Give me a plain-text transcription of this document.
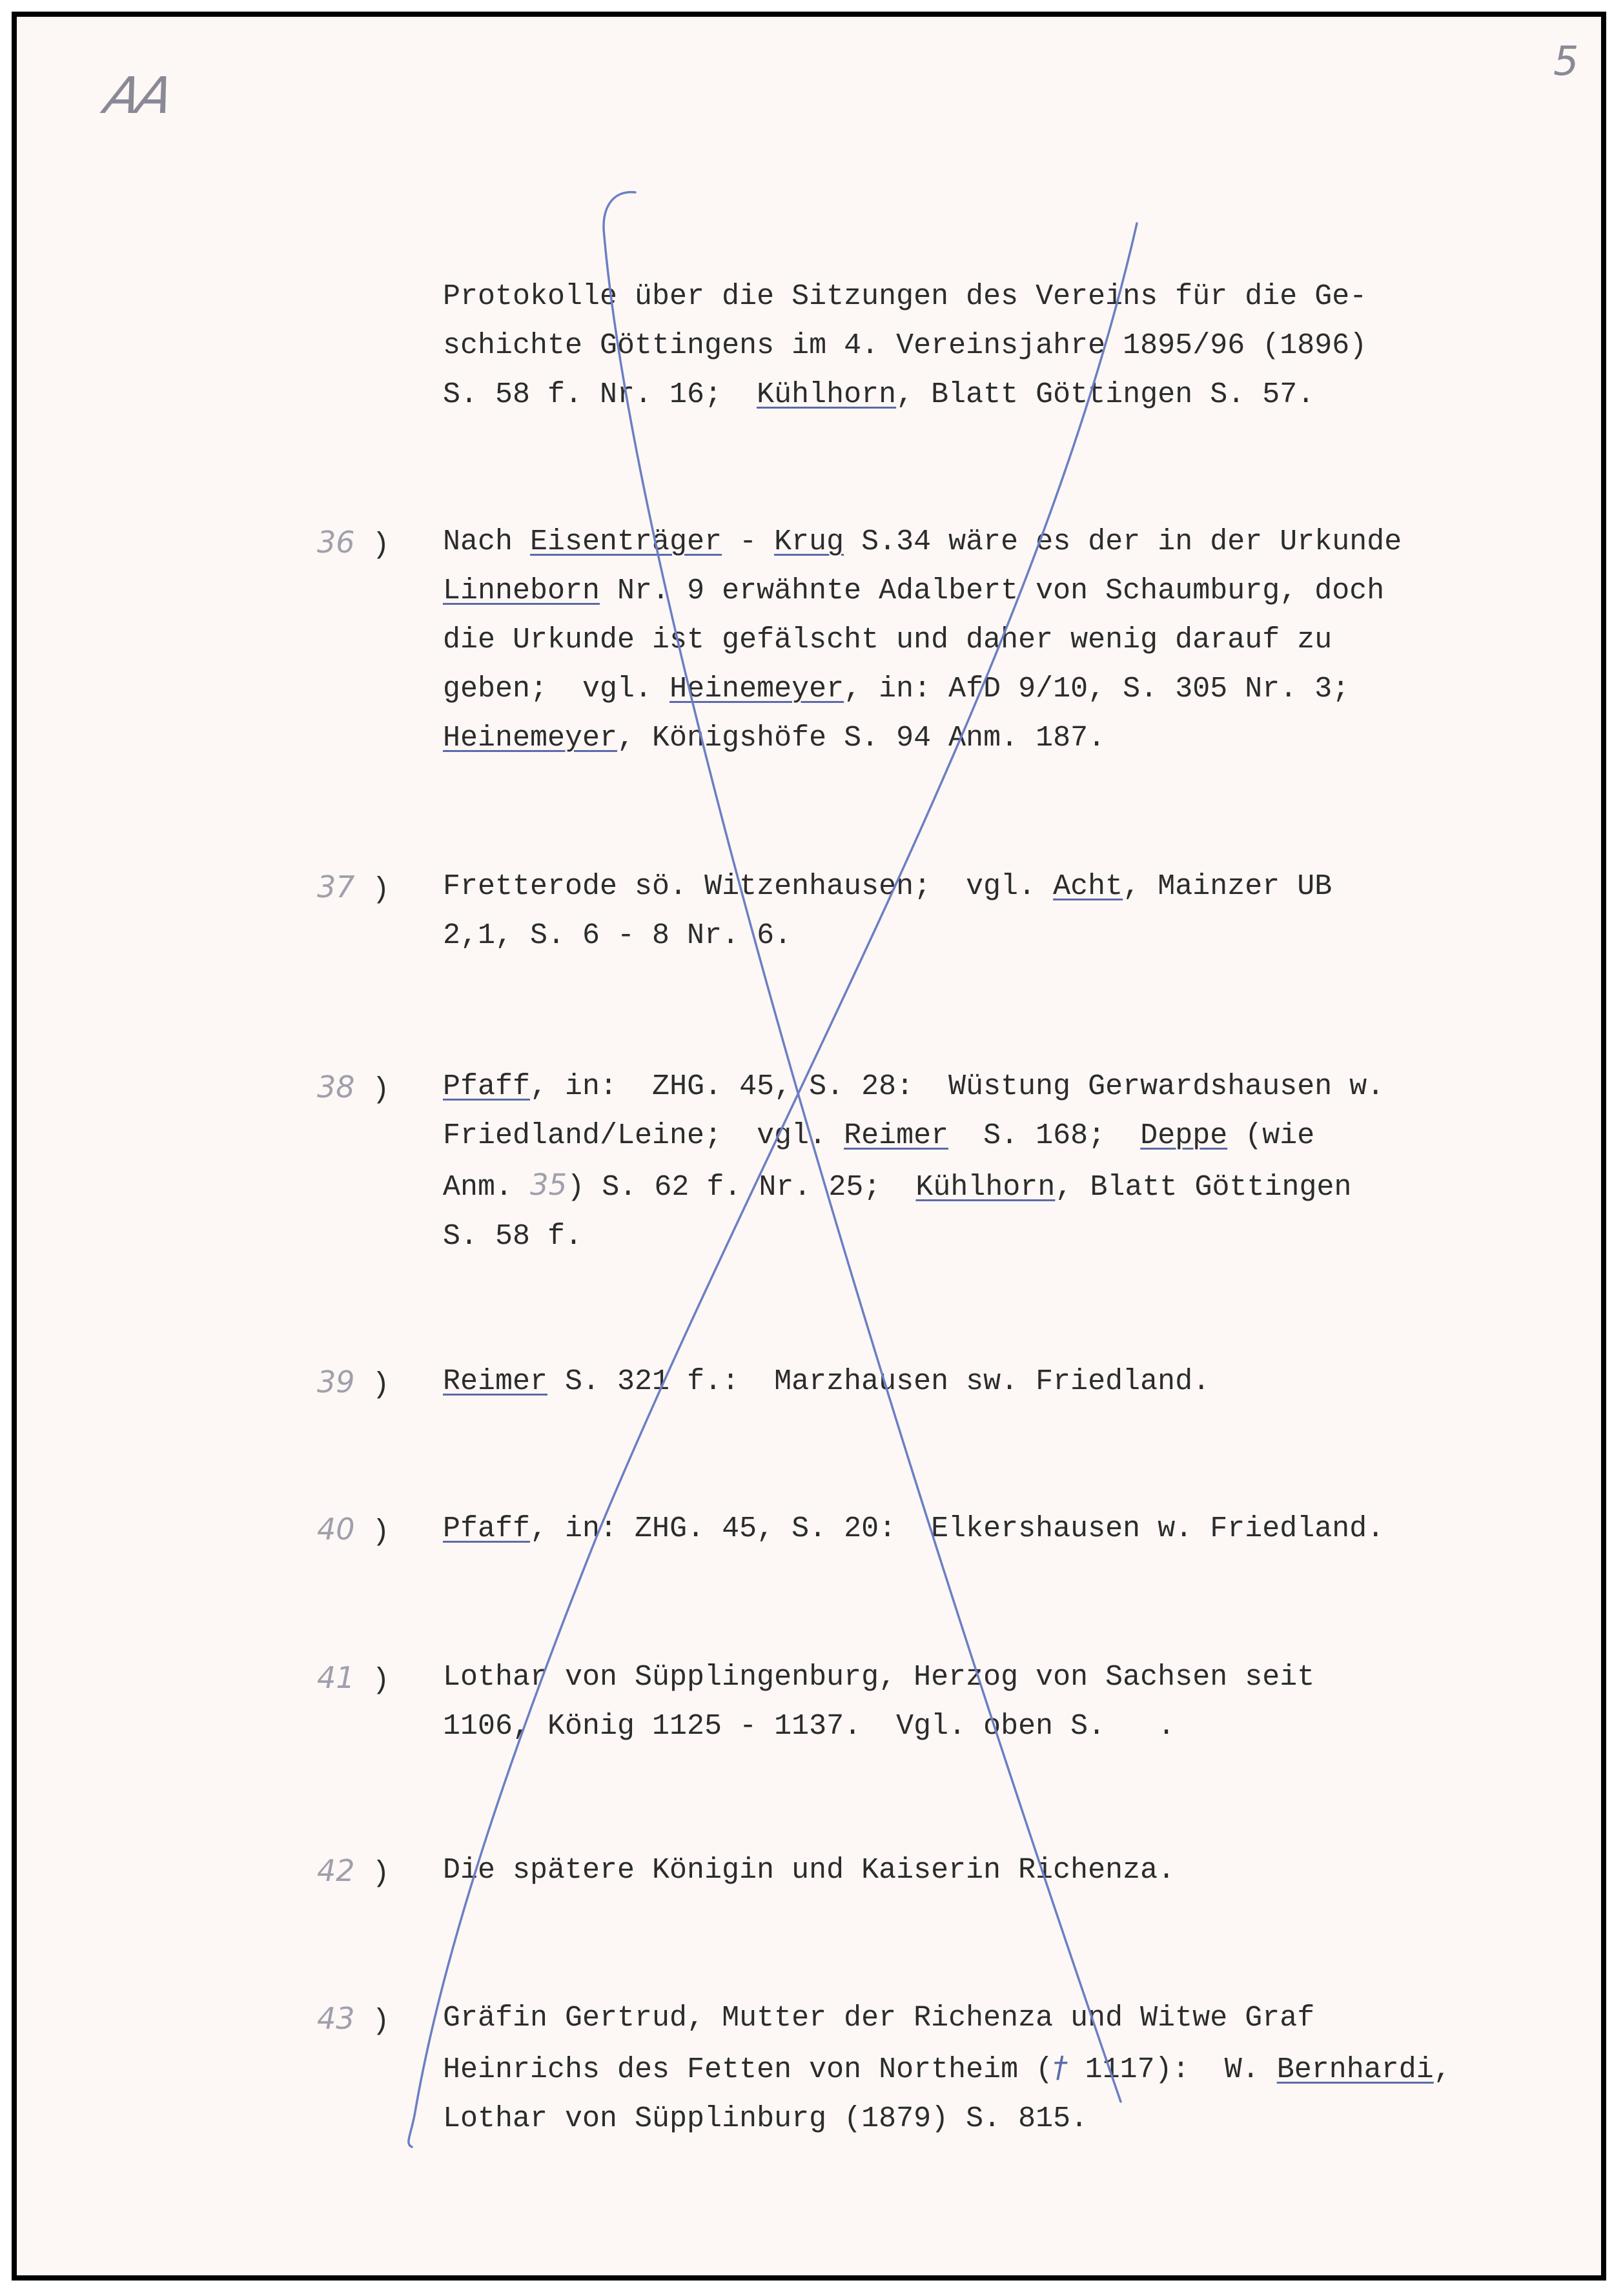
AA
5
Protokolle über die Sitzungen des Vereins für die Ge-
schichte Göttingens im 4. Vereinsjahre 1895/96 (1896)
S. 58 f. Nr. 16;  Kühlhorn, Blatt Göttingen S. 57.
36 ) Nach Eisenträger - Krug S.34 wäre es der in der Urkunde
Linneborn Nr. 9 erwähnte Adalbert von Schaumburg, doch
die Urkunde ist gefälscht und daher wenig darauf zu
geben;  vgl. Heinemeyer, in: AfD 9/10, S. 305 Nr. 3;
Heinemeyer, Königshöfe S. 94 Anm. 187.
37 ) Fretterode sö. Witzenhausen;  vgl. Acht, Mainzer UB
2,1, S. 6 - 8 Nr. 6.
38 ) Pfaff, in:  ZHG. 45, S. 28:  Wüstung Gerwardshausen w.
Friedland/Leine;  vgl. Reimer  S. 168;  Deppe (wie
Anm. 35) S. 62 f. Nr. 25;  Kühlhorn, Blatt Göttingen
S. 58 f.
39 ) Reimer S. 321 f.:  Marzhausen sw. Friedland.
40 ) Pfaff, in: ZHG. 45, S. 20:  Elkershausen w. Friedland.
41 ) Lothar von Süpplingenburg, Herzog von Sachsen seit
1106, König 1125 - 1137.  Vgl. oben S.   .
42 ) Die spätere Königin und Kaiserin Richenza.
43 ) Gräfin Gertrud, Mutter der Richenza und Witwe Graf
Heinrichs des Fetten von Northeim († 1117):  W. Bernhardi,
Lothar von Süpplinburg (1879) S. 815.
